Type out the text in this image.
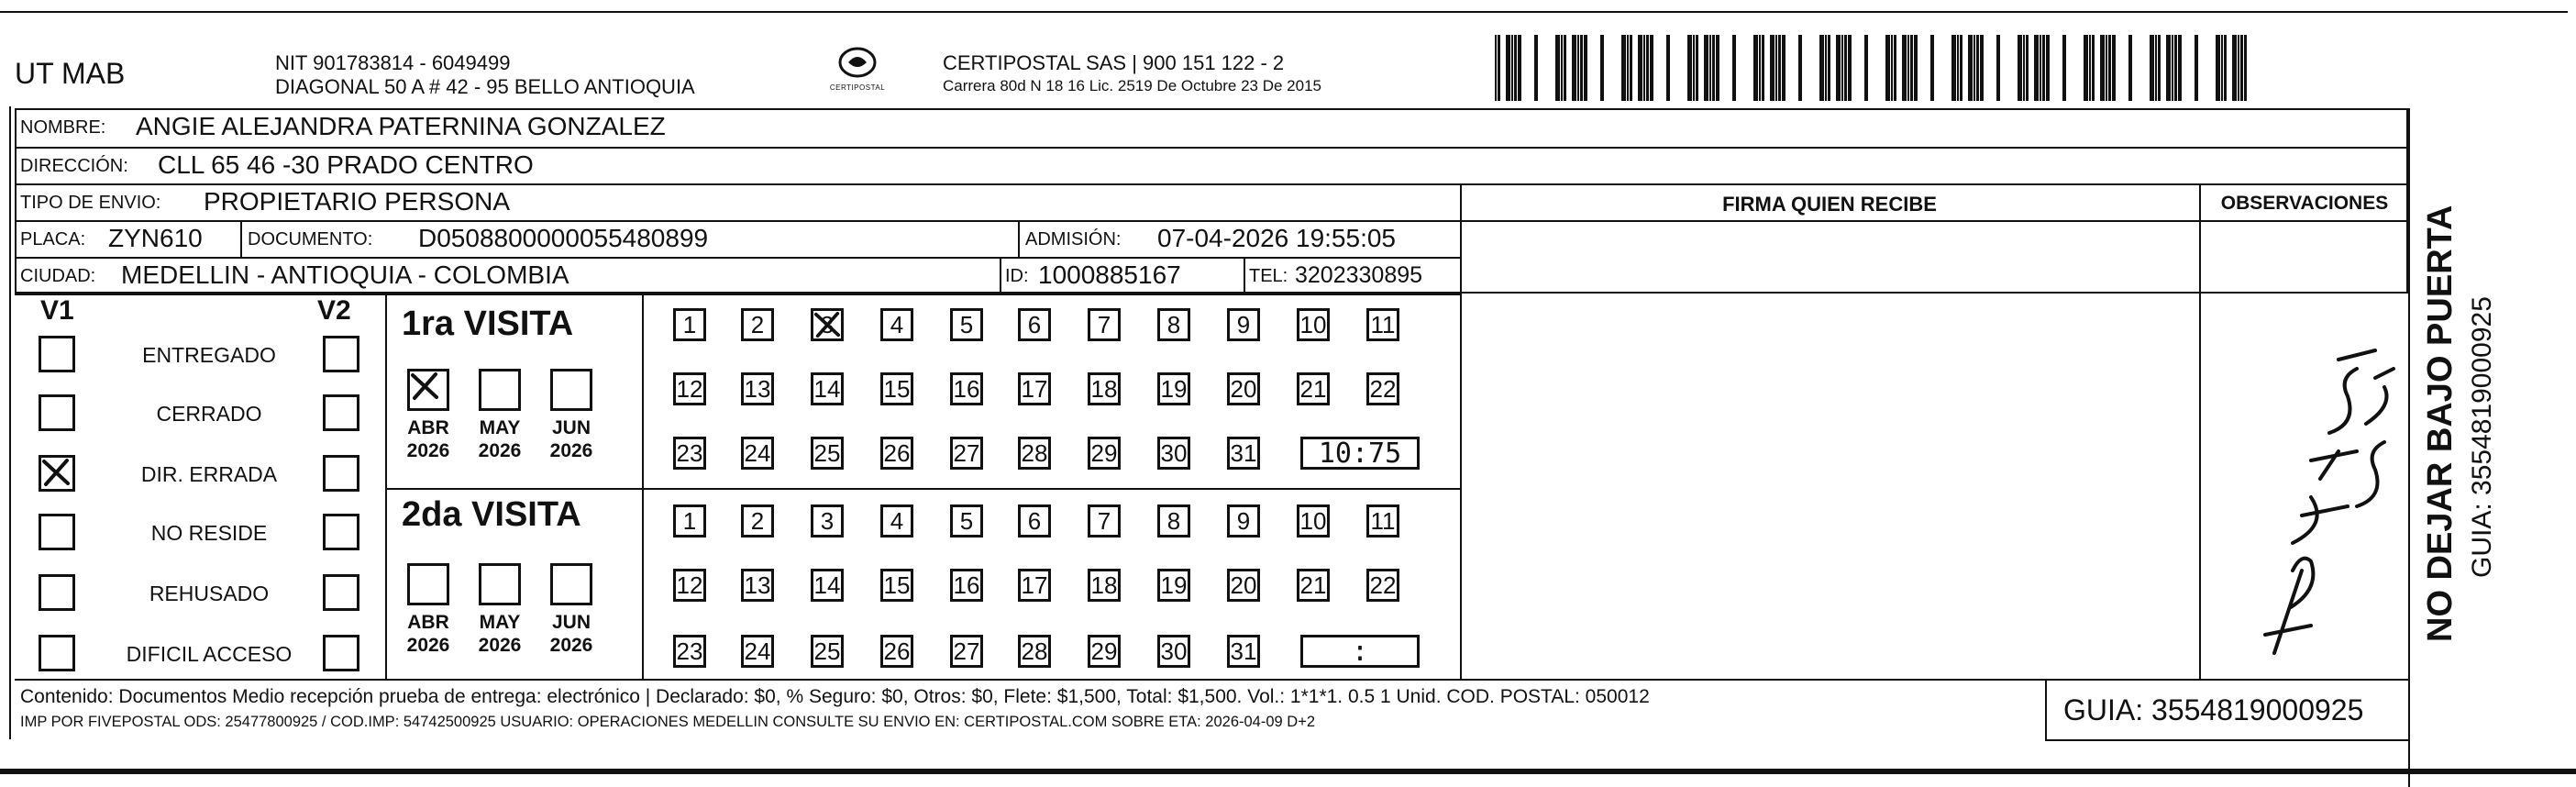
UT MAB	NIT 901783814 - 6049499
DIAGONAL 50 A # 42 - 95 BELLO ANTIOQUIA	CERTIPOSTAL
CERTIPOSTAL SAS | 900 151 122 - 2
Carrera 80d N 18 16 Lic. 2519 De Octubre 23 De 2015
NOMBRE: ANGIE ALEJANDRA PATERNINA GONZALEZ
DIRECCIÓN: CLL 65 46 -30 PRADO CENTRO
TIPO DE ENVIO: PROPIETARIO PERSONA
PLACA: ZYN610 DOCUMENTO: D0508800000055480899	ADMISIÓN: 07-04-2026 19:55:05
CIUDAD: MEDELLIN - ANTIOQUIA - COLOMBIA	ID: 1000885167	TEL: 3202330895
FIRMA QUIEN RECIBE	OBSERVACIONES
NO DEJAR BAJO PUERTA GUIA: 3554819000925
V1	V2
ENTREGADO
CERRADO
DIR. ERRADA
NO RESIDE
REHUSADO
DIFICIL ACCESO
1ra VISITA
2da VISITA
ABR
2026
MAY
2026
JUN
2026
ABR
2026
MAY
2026
JUN
2026
1	2	3	4	5	6	7	8	9	10 11
12 13 14 15 16 17 18 19 20 21 22
23 24 25 26 27 28 29 30 31	10:75
1	2	3	4	5	6	7	8	9	10 11
12 13 14 15 16 17 18 19 20 21 22
23 24 25 26 27 28 29 30 31	:
Contenido: Documentos Medio recepción prueba de entrega: electrónico | Declarado: $0, % Seguro: $0, Otros: $0, Flete: $1,500, Total: $1,500. Vol.: 1*1*1. 0.5 1 Unid. COD. POSTAL: 050012
IMP POR FIVEPOSTAL ODS: 25477800925 / COD.IMP: 54742500925 USUARIO: OPERACIONES MEDELLIN CONSULTE SU ENVIO EN: CERTIPOSTAL.COM SOBRE ETA: 2026-04-09 D+2	GUIA: 3554819000925
